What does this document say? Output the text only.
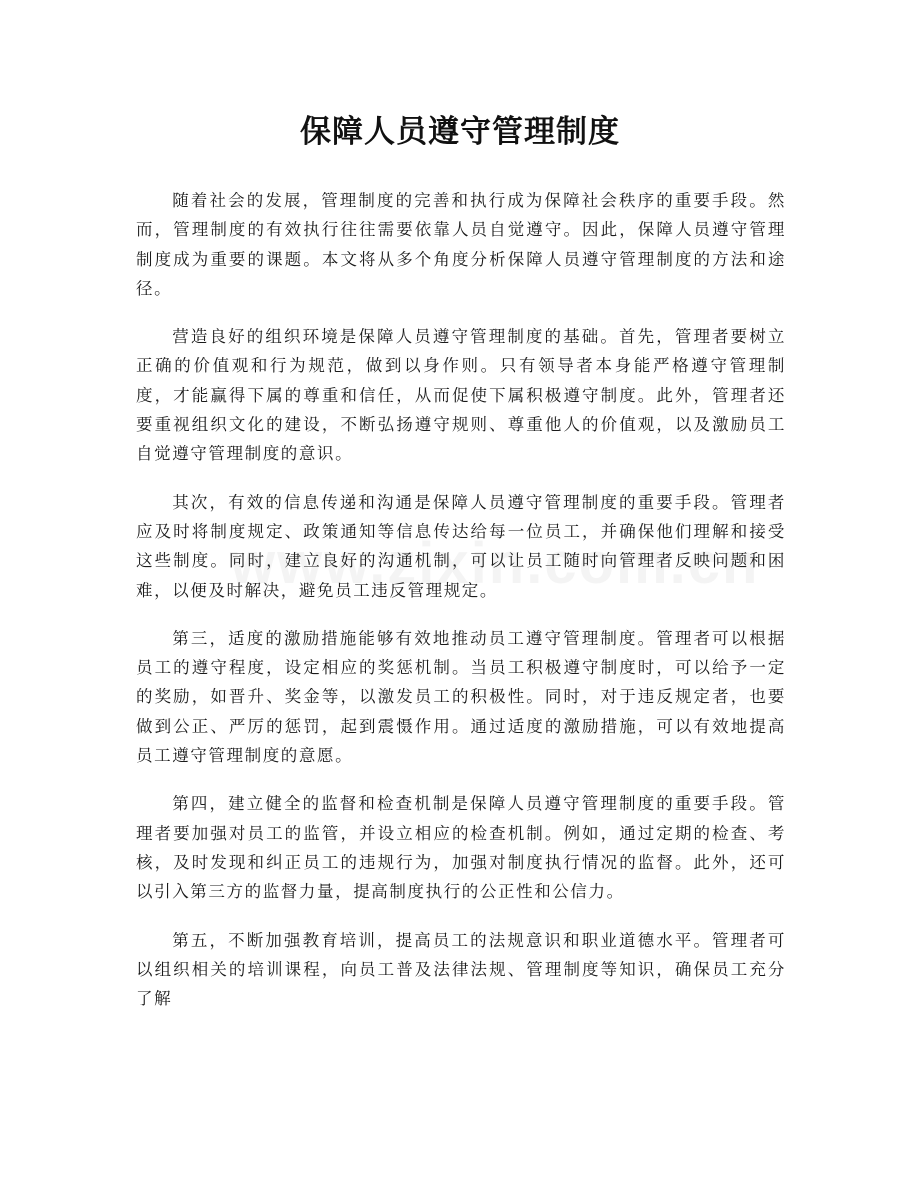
保障人员遵守管理制度

随着社会的发展，管理制度的完善和执行成为保障社会秩序的重要手段。然而，管理制度的有效执行往往需要依靠人员自觉遵守。因此，保障人员遵守管理制度成为重要的课题。本文将从多个角度分析保障人员遵守管理制度的方法和途径。

营造良好的组织环境是保障人员遵守管理制度的基础。首先，管理者要树立正确的价值观和行为规范，做到以身作则。只有领导者本身能严格遵守管理制度，才能赢得下属的尊重和信任，从而促使下属积极遵守制度。此外，管理者还要重视组织文化的建设，不断弘扬遵守规则、尊重他人的价值观，以及激励员工自觉遵守管理制度的意识。

其次，有效的信息传递和沟通是保障人员遵守管理制度的重要手段。管理者应及时将制度规定、政策通知等信息传达给每一位员工，并确保他们理解和接受这些制度。同时，建立良好的沟通机制，可以让员工随时向管理者反映问题和困难，以便及时解决，避免员工违反管理规定。

第三，适度的激励措施能够有效地推动员工遵守管理制度。管理者可以根据员工的遵守程度，设定相应的奖惩机制。当员工积极遵守制度时，可以给予一定的奖励，如晋升、奖金等，以激发员工的积极性。同时，对于违反规定者，也要做到公正、严厉的惩罚，起到震慑作用。通过适度的激励措施，可以有效地提高员工遵守管理制度的意愿。

第四，建立健全的监督和检查机制是保障人员遵守管理制度的重要手段。管理者要加强对员工的监管，并设立相应的检查机制。例如，通过定期的检查、考核，及时发现和纠正员工的违规行为，加强对制度执行情况的监督。此外，还可以引入第三方的监督力量，提高制度执行的公正性和公信力。

第五，不断加强教育培训，提高员工的法规意识和职业道德水平。管理者可以组织相关的培训课程，向员工普及法律法规、管理制度等知识，确保员工充分了解
